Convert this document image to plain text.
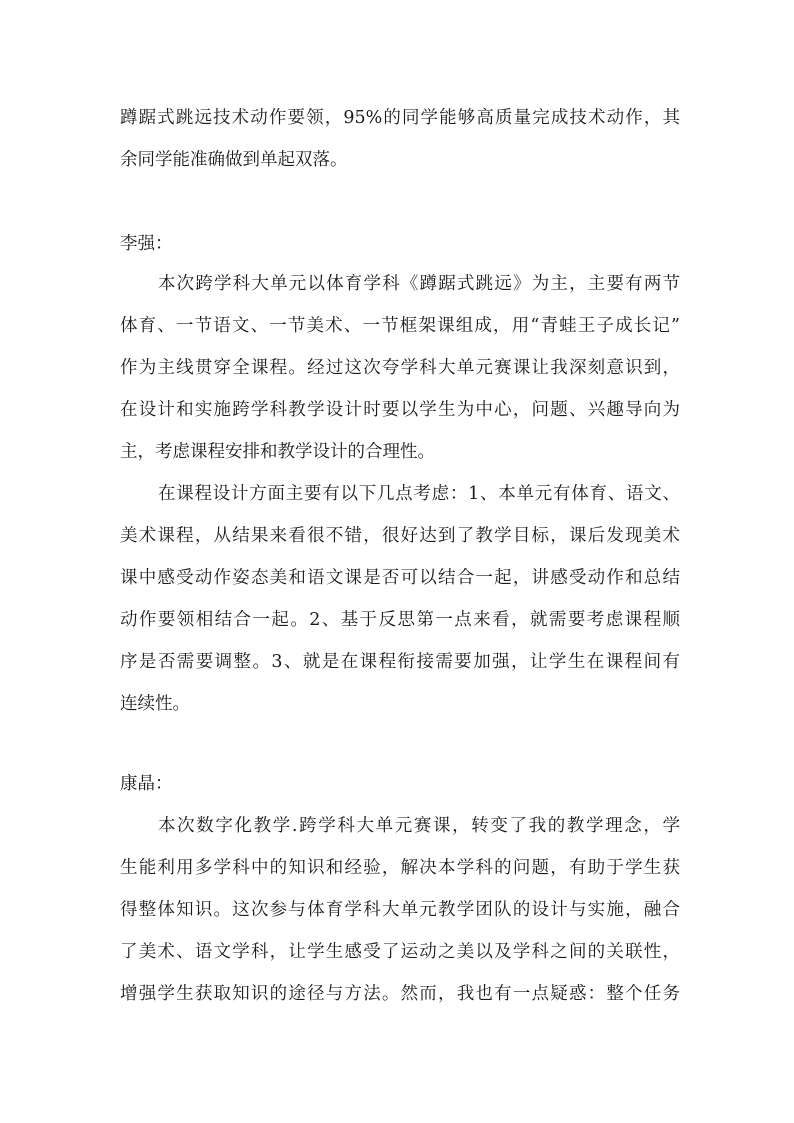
蹲踞式跳远技术动作要领，95%的同学能够高质量完成技术动作，其
余同学能准确做到单起双落。
李强：
本次跨学科大单元以体育学科《蹲踞式跳远》为主，主要有两节
体育、一节语文、一节美术、一节框架课组成，用“青蛙王子成长记”
作为主线贯穿全课程。经过这次夸学科大单元赛课让我深刻意识到，
在设计和实施跨学科教学设计时要以学生为中心，问题、兴趣导向为
主，考虑课程安排和教学设计的合理性。
在课程设计方面主要有以下几点考虑：1、本单元有体育、语文、
美术课程，从结果来看很不错，很好达到了教学目标，课后发现美术
课中感受动作姿态美和语文课是否可以结合一起，讲感受动作和总结
动作要领相结合一起。2、基于反思第一点来看，就需要考虑课程顺
序是否需要调整。3、就是在课程衔接需要加强，让学生在课程间有
连续性。
康晶：
本次数字化教学.跨学科大单元赛课，转变了我的教学理念，学
生能利用多学科中的知识和经验，解决本学科的问题，有助于学生获
得整体知识。这次参与体育学科大单元教学团队的设计与实施，融合
了美术、语文学科，让学生感受了运动之美以及学科之间的关联性，
增强学生获取知识的途径与方法。然而，我也有一点疑惑：整个任务
